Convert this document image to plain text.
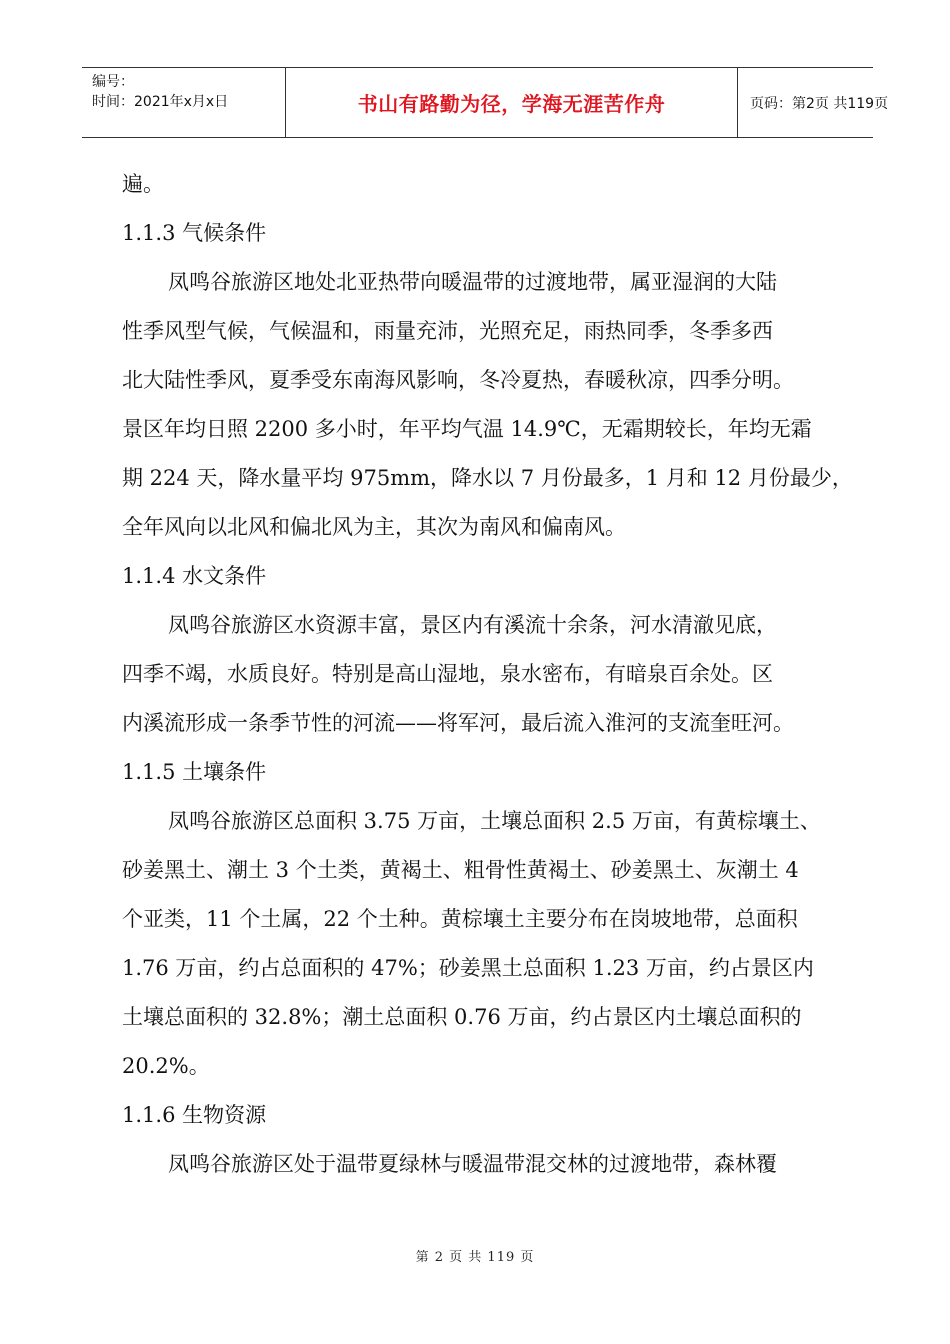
编号：
时间：2021年x月x日	书山有路勤为径，学海无涯苦作舟	页码：第2页 共119页
遍。
1.1.3 气候条件
凤鸣谷旅游区地处北亚热带向暖温带的过渡地带，属亚湿润的大陆
性季风型气候，气候温和，雨量充沛，光照充足，雨热同季，冬季多西
北大陆性季风，夏季受东南海风影响，冬冷夏热，春暖秋凉，四季分明。
景区年均日照 2200 多小时，年平均气温 14.9℃，无霜期较长，年均无霜
期 224 天，降水量平均 975mm，降水以 7 月份最多，1 月和 12 月份最少，
全年风向以北风和偏北风为主，其次为南风和偏南风。
1.1.4 水文条件
凤鸣谷旅游区水资源丰富，景区内有溪流十余条，河水清澈见底，
四季不竭，水质良好。特别是高山湿地，泉水密布，有暗泉百余处。区
内溪流形成一条季节性的河流——将军河，最后流入淮河的支流奎旺河。
1.1.5 土壤条件
凤鸣谷旅游区总面积 3.75 万亩，土壤总面积 2.5 万亩，有黄棕壤土、
砂姜黑土、潮土 3 个土类，黄褐土、粗骨性黄褐土、砂姜黑土、灰潮土 4
个亚类，11 个土属，22 个土种。黄棕壤土主要分布在岗坡地带，总面积
1.76 万亩，约占总面积的 47%；砂姜黑土总面积 1.23 万亩，约占景区内
土壤总面积的 32.8%；潮土总面积 0.76 万亩，约占景区内土壤总面积的
20.2%。
1.1.6 生物资源
凤鸣谷旅游区处于温带夏绿林与暖温带混交林的过渡地带，森林覆
第 2 页 共 119 页
